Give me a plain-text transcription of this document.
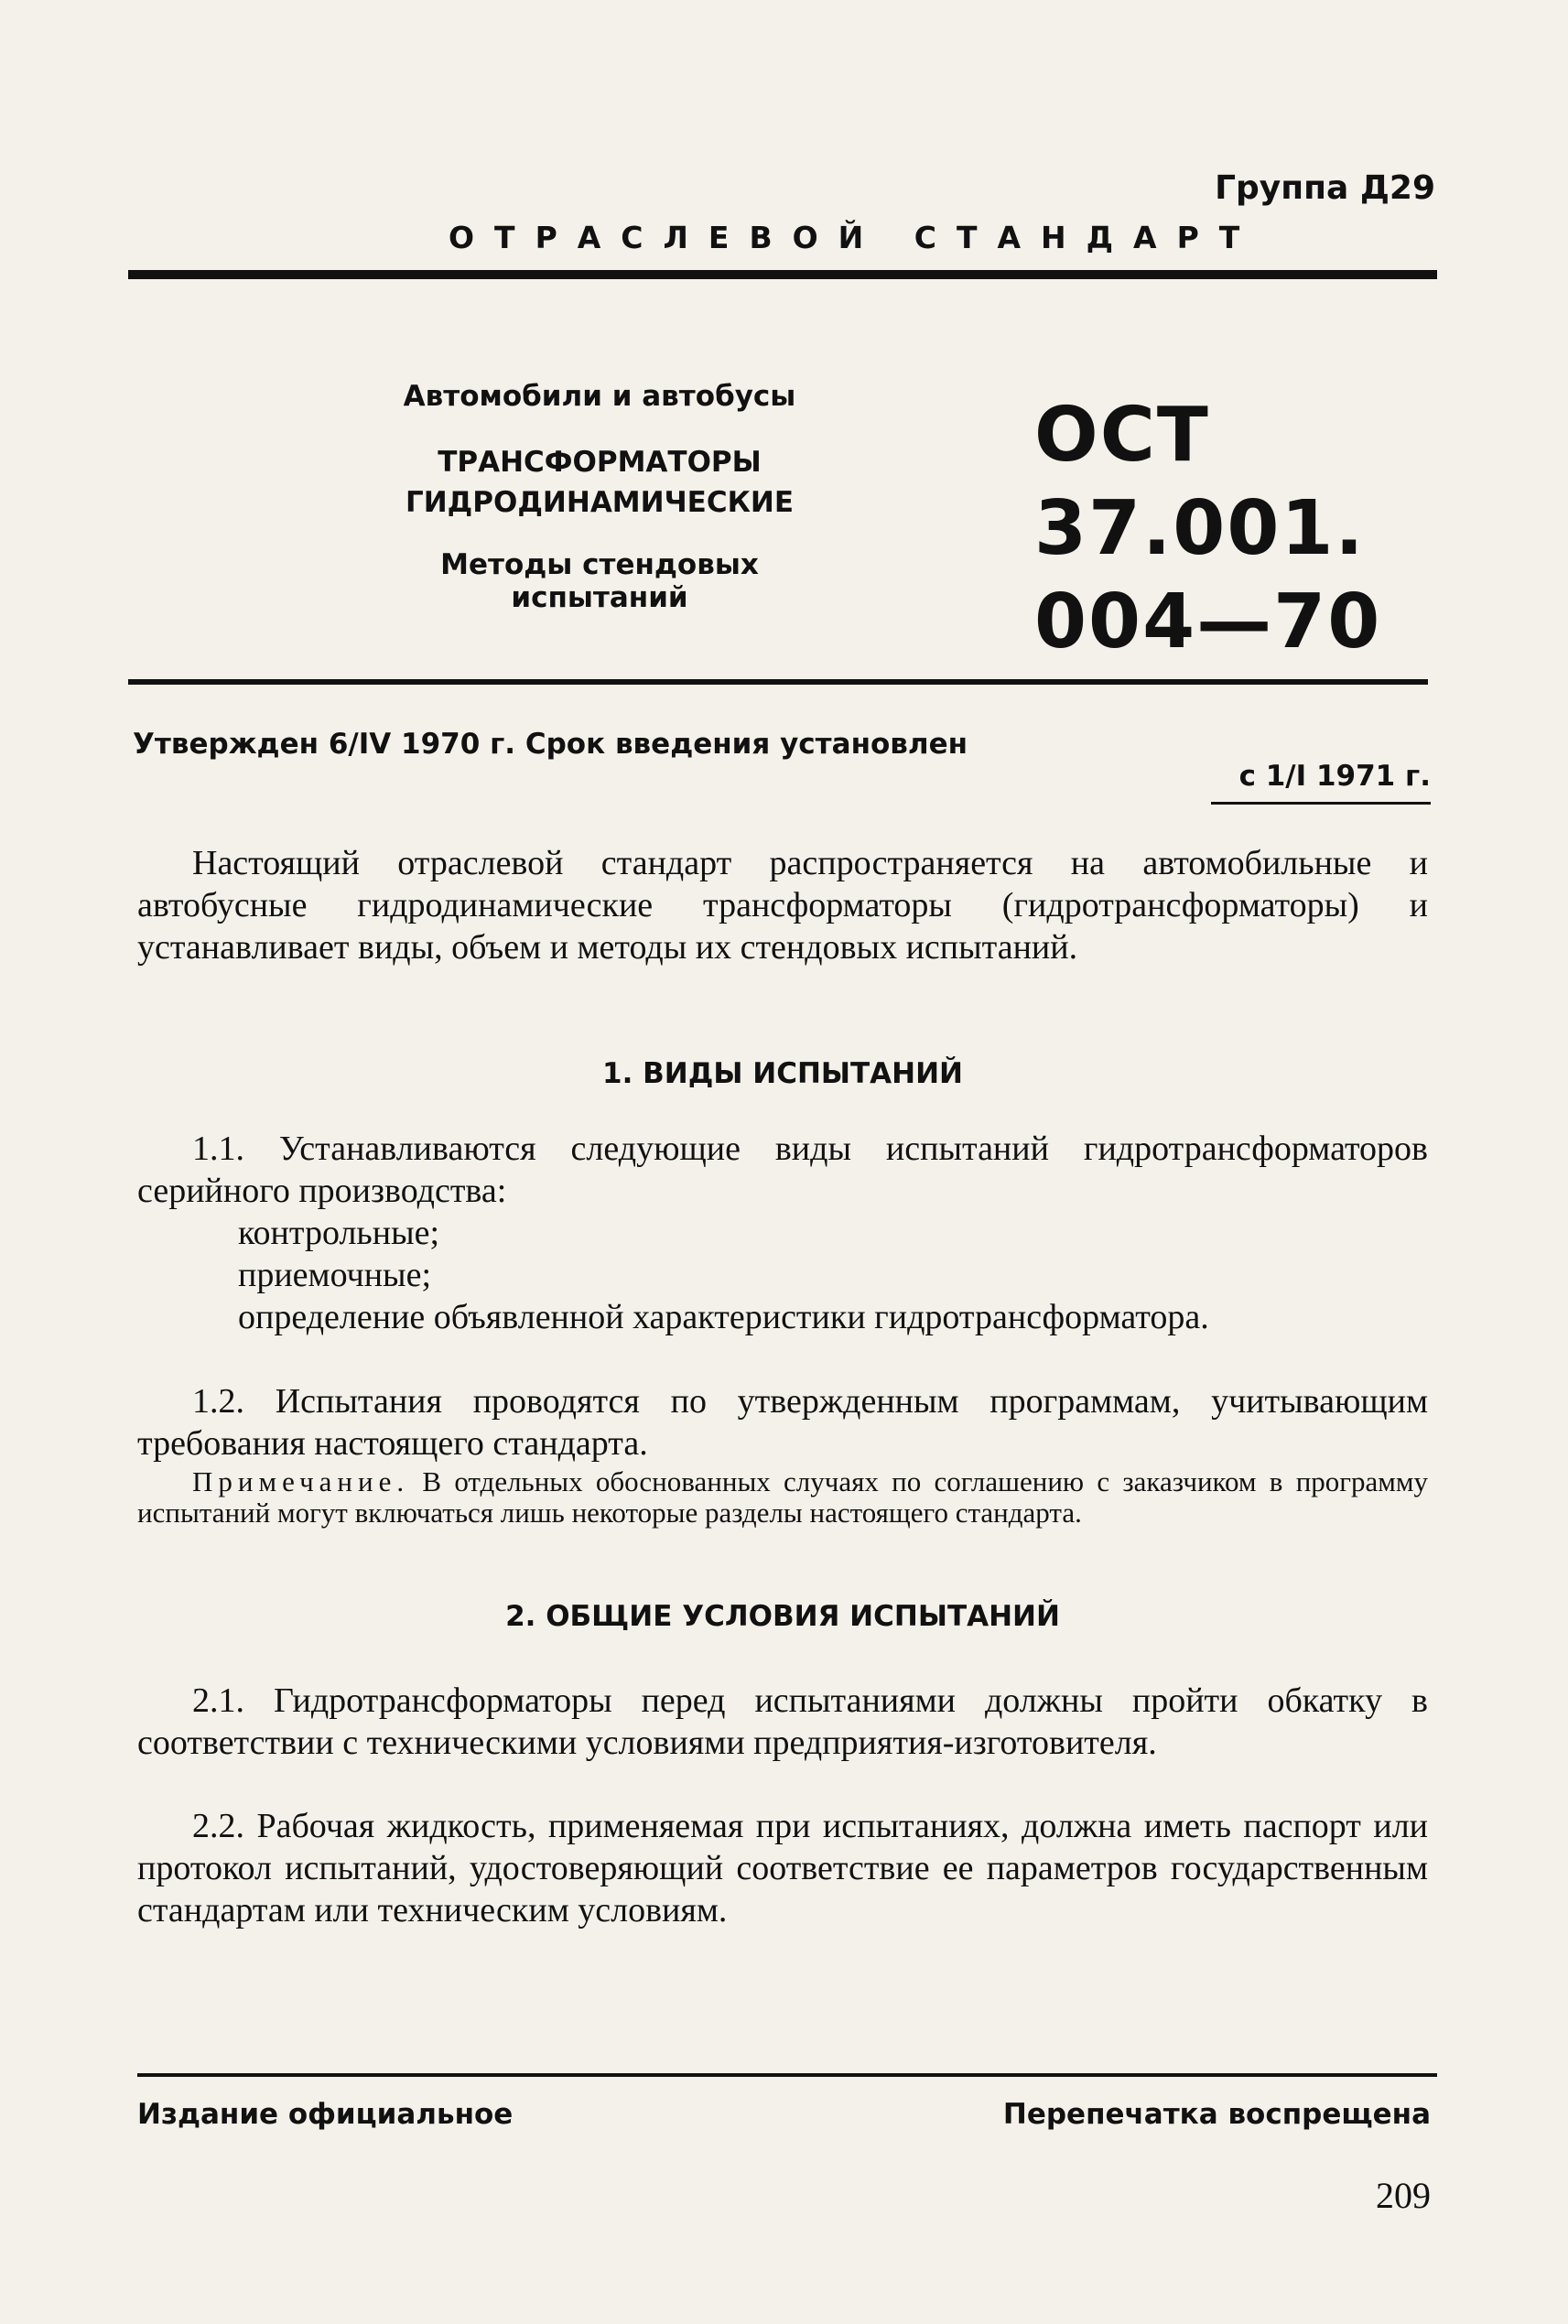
Группа Д29
ОТРАСЛЕВОЙ СТАНДАРТ
Автомобили и автобусы
ТРАНСФОРМАТОРЫ
ГИДРОДИНАМИЧЕСКИЕ
Методы стендовых испытаний
ОСТ 37.001.
004—70
Утвержден 6/IV 1970 г. Срок введения установлен
с 1/I 1971 г.
Настоящий отраслевой стандарт распространяется на автомобильные и автобусные гидродинамические трансформаторы (гидротрансформаторы) и устанавливает виды, объем и методы их стендовых испытаний.
1. ВИДЫ ИСПЫТАНИЙ
1.1. Устанавливаются следующие виды испытаний гидротрансформаторов серийного производства:
контрольные;
приемочные;
определение объявленной характеристики гидротрансформатора.
1.2. Испытания проводятся по утвержденным программам, учитывающим требования настоящего стандарта.
Примечание. В отдельных обоснованных случаях по соглашению с заказчиком в программу испытаний могут включаться лишь некоторые разделы настоящего стандарта.
2. ОБЩИЕ УСЛОВИЯ ИСПЫТАНИЙ
2.1. Гидротрансформаторы перед испытаниями должны пройти обкатку в соответствии с техническими условиями предприятия-изготовителя.
2.2. Рабочая жидкость, применяемая при испытаниях, должна иметь паспорт или протокол испытаний, удостоверяющий соответствие ее параметров государственным стандартам или техническим условиям.
Издание официальное	Перепечатка воспрещена
209
